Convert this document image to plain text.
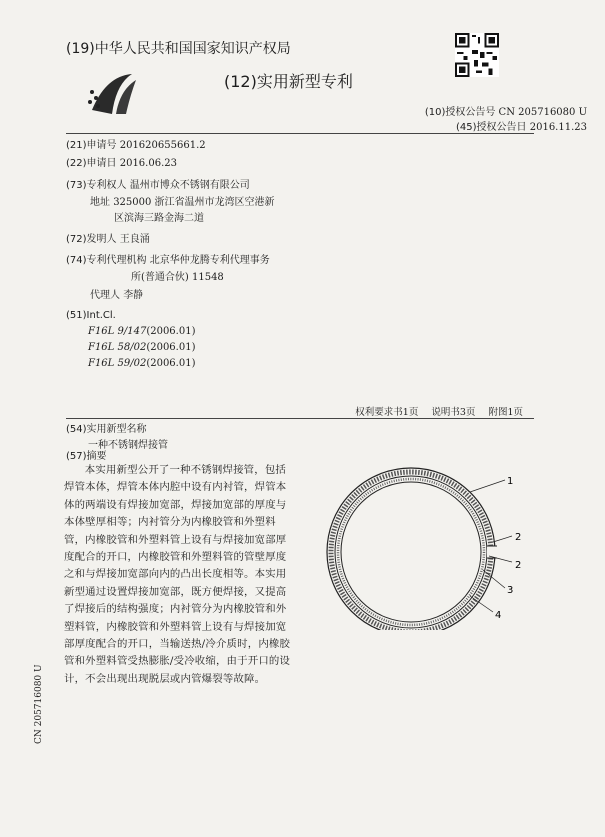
(19)中华人民共和国国家知识产权局
(12)实用新型专利
(10)授权公告号 CN 205716080 U
(45)授权公告日 2016.11.23
(21)申请号 201620655661.2
(22)申请日 2016.06.23
(73)专利权人 温州市博众不锈钢有限公司
地址 325000 浙江省温州市龙湾区空港新
区滨海三路金海二道
(72)发明人 王良涌
(74)专利代理机构 北京华仲龙腾专利代理事务
所(普通合伙) 11548
代理人 李静
(51)Int.Cl.
F16L 9/147(2006.01)
F16L 58/02(2006.01)
F16L 59/02(2006.01)
权利要求书1页 说明书3页 附图1页
(54)实用新型名称
一种不锈钢焊接管
(57)摘要
本实用新型公开了一种不锈钢焊接管，包括焊管本体，焊管本体内腔中设有内衬管，焊管本体的两端设有焊接加宽部，焊接加宽部的厚度与本体壁厚相等；内衬管分为内橡胶管和外塑料管，内橡胶管和外塑料管上设有与焊接加宽部厚度配合的开口，内橡胶管和外塑料管的管壁厚度之和与焊接加宽部向内的凸出长度相等。本实用新型通过设置焊接加宽部，既方便焊接，又提高了焊接后的结构强度；内衬管分为内橡胶管和外塑料管，内橡胶管和外塑料管上设有与焊接加宽部厚度配合的开口，当输送热/冷介质时，内橡胶管和外塑料管受热膨胀/受冷收缩，由于开口的设计，不会出现出现脱层或内管爆裂等故障。
1
2
2
3
4
CN 205716080 U
